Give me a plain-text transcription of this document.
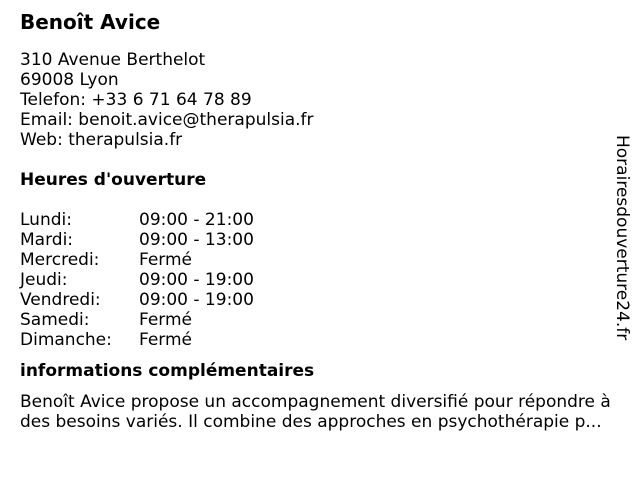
Benoît Avice
310 Avenue Berthelot
69008 Lyon
Telefon: +33 6 71 64 78 89
Email: benoit.avice@therapulsia.fr
Web: therapulsia.fr
Heures d'ouverture
Lundi:	09:00 - 21:00
Mardi:	09:00 - 13:00
Mercredi:	Fermé
Jeudi:	09:00 - 19:00
Vendredi:	09:00 - 19:00
Samedi:	Fermé
Dimanche:	Fermé
informations complémentaires
Benoît Avice propose un accompagnement diversifié pour répondre à des besoins variés. Il combine des approches en psychothérapie p...
Horairesdouverture24.fr
